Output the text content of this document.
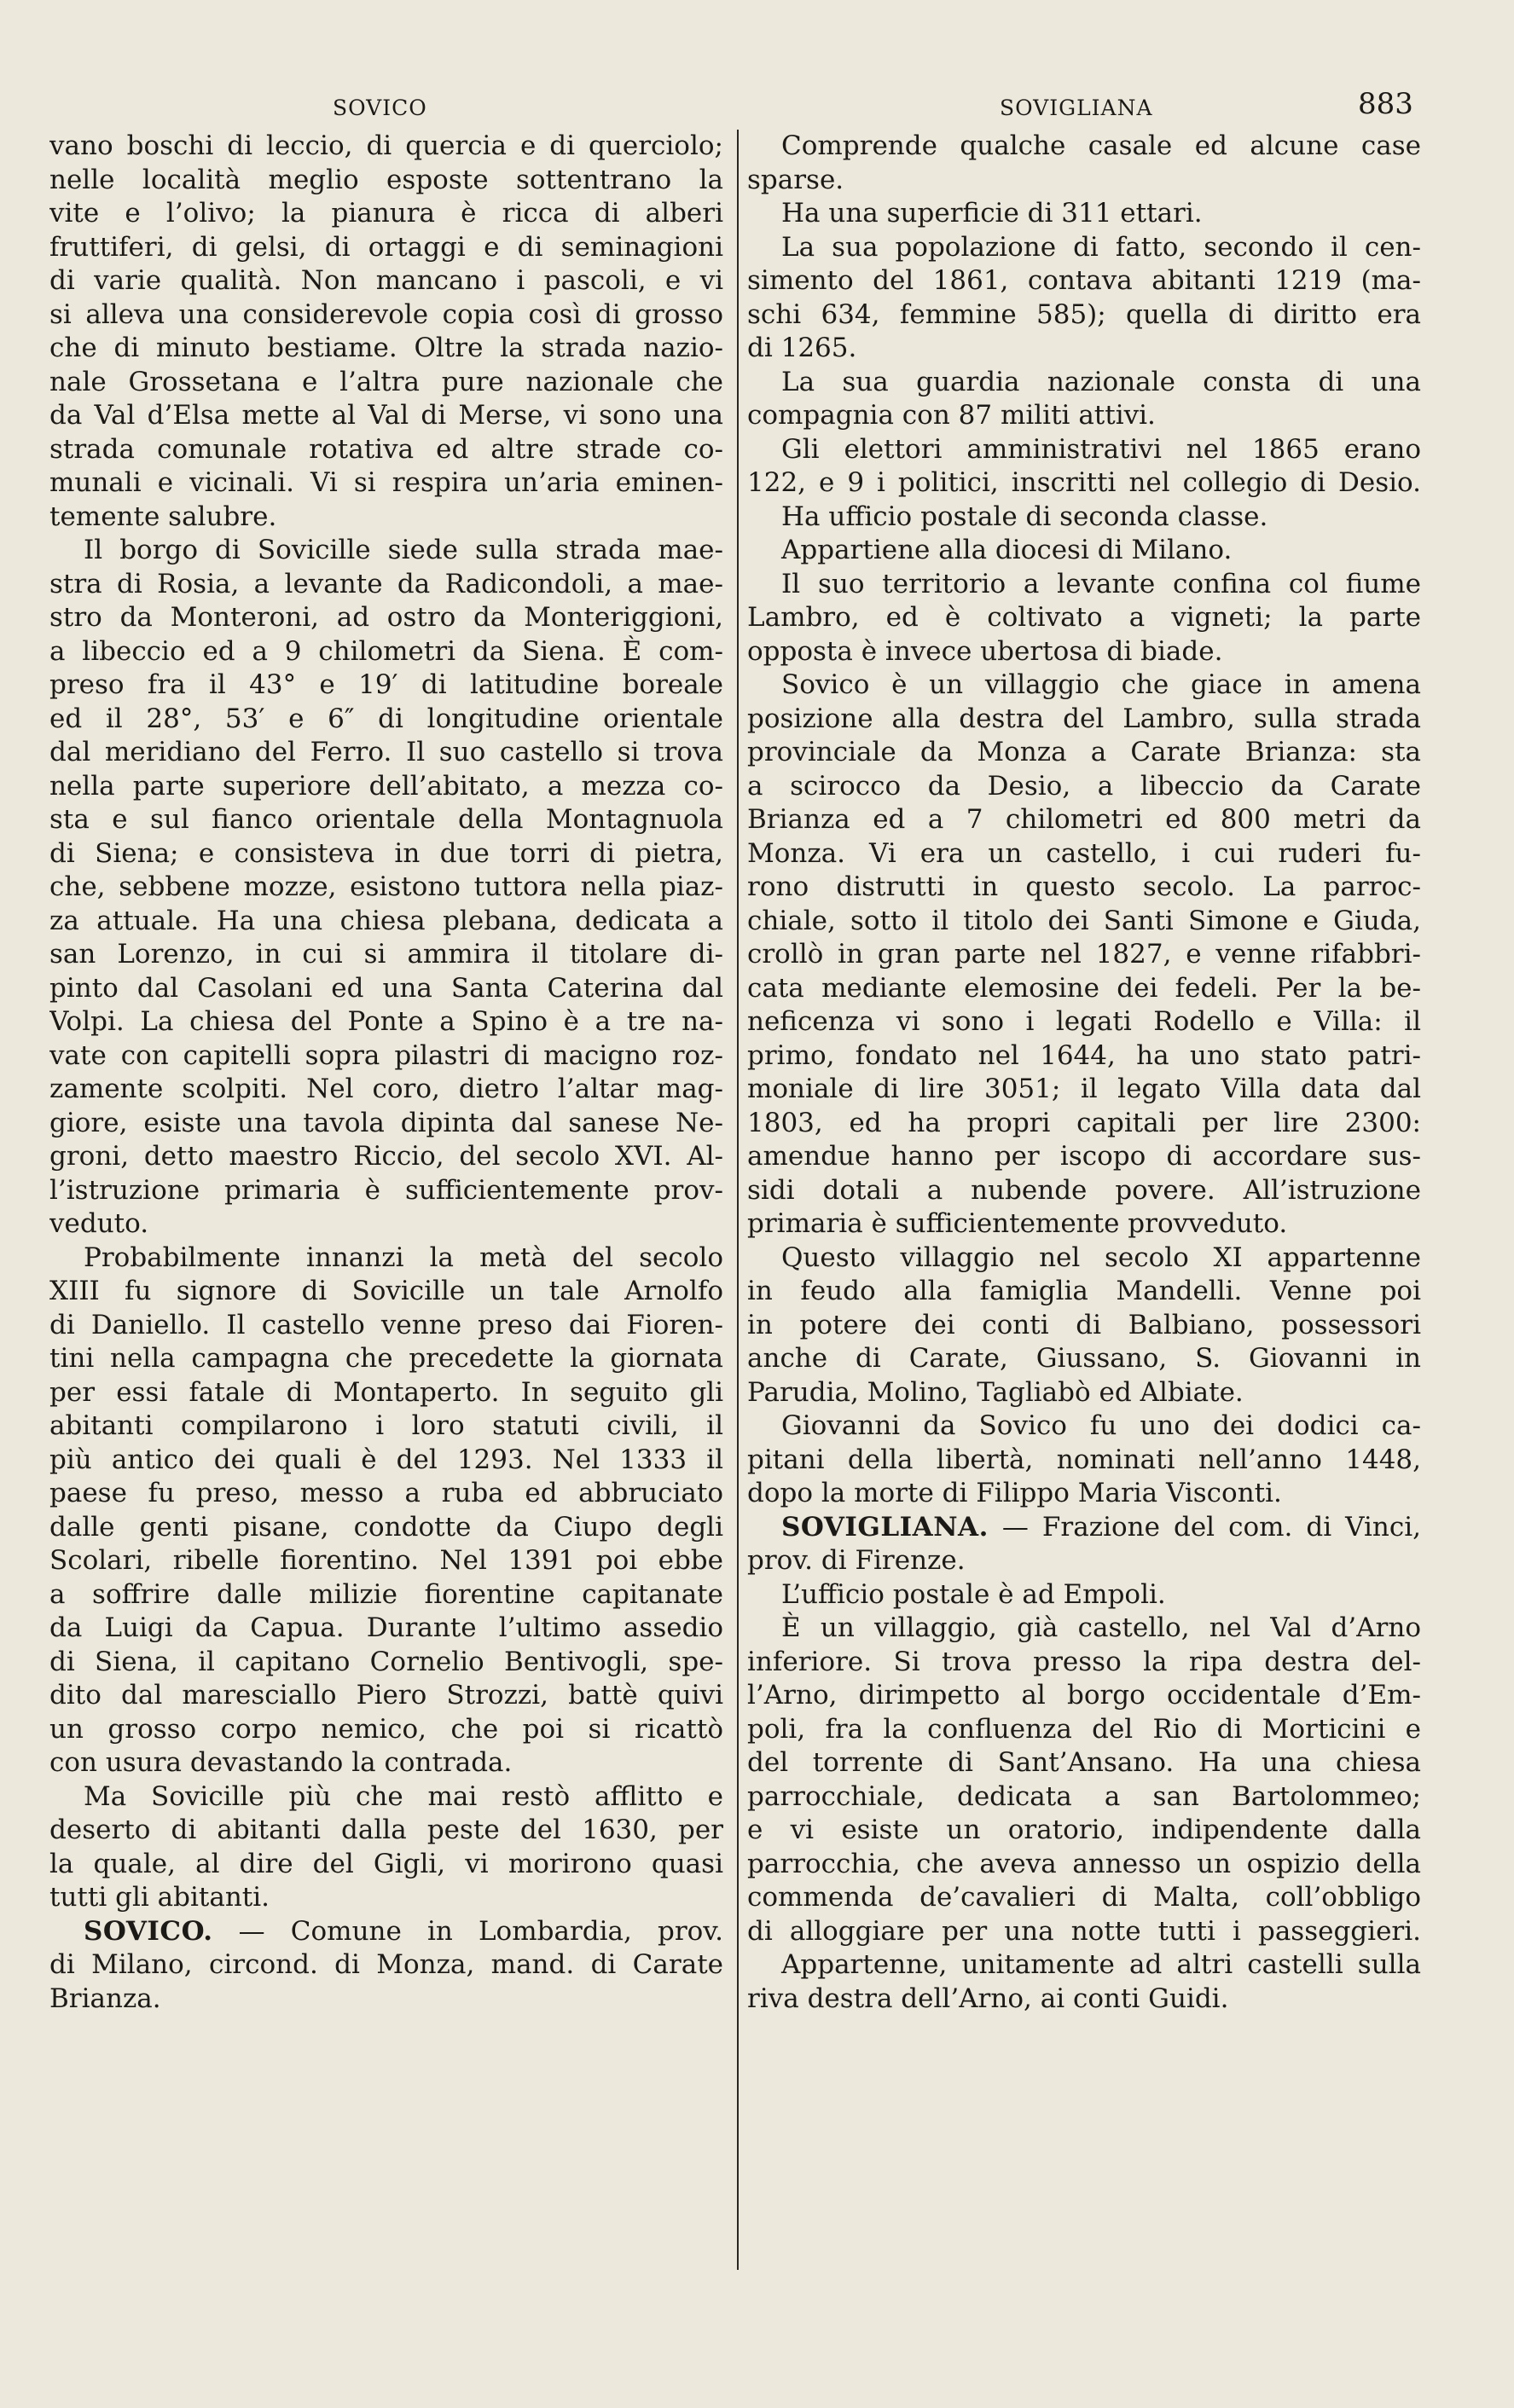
SOVICO	SOVIGLIANA	883
vano boschi di leccio, di quercia e di querciolo;
nelle località meglio esposte sottentrano la
vite e l’olivo; la pianura è ricca di alberi
fruttiferi, di gelsi, di ortaggi e di seminagioni
di varie qualità. Non mancano i pascoli, e vi
si alleva una considerevole copia così di grosso
che di minuto bestiame. Oltre la strada nazio-
nale Grossetana e l’altra pure nazionale che
da Val d’Elsa mette al Val di Merse, vi sono una
strada comunale rotativa ed altre strade co-
munali e vicinali. Vi si respira un’aria eminen-
temente salubre.
Il borgo di Sovicille siede sulla strada mae-
stra di Rosia, a levante da Radicondoli, a mae-
stro da Monteroni, ad ostro da Monteriggioni,
a libeccio ed a 9 chilometri da Siena. È com-
preso fra il 43° e 19′ di latitudine boreale
ed il 28°, 53′ e 6″ di longitudine orientale
dal meridiano del Ferro. Il suo castello si trova
nella parte superiore dell’abitato, a mezza co-
sta e sul fianco orientale della Montagnuola
di Siena; e consisteva in due torri di pietra,
che, sebbene mozze, esistono tuttora nella piaz-
za attuale. Ha una chiesa plebana, dedicata a
san Lorenzo, in cui si ammira il titolare di-
pinto dal Casolani ed una Santa Caterina dal
Volpi. La chiesa del Ponte a Spino è a tre na-
vate con capitelli sopra pilastri di macigno roz-
zamente scolpiti. Nel coro, dietro l’altar mag-
giore, esiste una tavola dipinta dal sanese Ne-
groni, detto maestro Riccio, del secolo XVI. Al-
l’istruzione primaria è sufficientemente prov-
veduto.
Probabilmente innanzi la metà del secolo
XIII fu signore di Sovicille un tale Arnolfo
di Daniello. Il castello venne preso dai Fioren-
tini nella campagna che precedette la giornata
per essi fatale di Montaperto. In seguito gli
abitanti compilarono i loro statuti civili, il
più antico dei quali è del 1293. Nel 1333 il
paese fu preso, messo a ruba ed abbruciato
dalle genti pisane, condotte da Ciupo degli
Scolari, ribelle fiorentino. Nel 1391 poi ebbe
a soffrire dalle milizie fiorentine capitanate
da Luigi da Capua. Durante l’ultimo assedio
di Siena, il capitano Cornelio Bentivogli, spe-
dito dal maresciallo Piero Strozzi, battè quivi
un grosso corpo nemico, che poi si ricattò
con usura devastando la contrada.
Ma Sovicille più che mai restò afflitto e
deserto di abitanti dalla peste del 1630, per
la quale, al dire del Gigli, vi morirono quasi
tutti gli abitanti.
SOVICO. — Comune in Lombardia, prov.
di Milano, circond. di Monza, mand. di Carate
Brianza.
Comprende qualche casale ed alcune case
sparse.
Ha una superficie di 311 ettari.
La sua popolazione di fatto, secondo il cen-
simento del 1861, contava abitanti 1219 (ma-
schi 634, femmine 585); quella di diritto era
di 1265.
La sua guardia nazionale consta di una
compagnia con 87 militi attivi.
Gli elettori amministrativi nel 1865 erano
122, e 9 i politici, inscritti nel collegio di Desio.
Ha ufficio postale di seconda classe.
Appartiene alla diocesi di Milano.
Il suo territorio a levante confina col fiume
Lambro, ed è coltivato a vigneti; la parte
opposta è invece ubertosa di biade.
Sovico è un villaggio che giace in amena
posizione alla destra del Lambro, sulla strada
provinciale da Monza a Carate Brianza: sta
a scirocco da Desio, a libeccio da Carate
Brianza ed a 7 chilometri ed 800 metri da
Monza. Vi era un castello, i cui ruderi fu-
rono distrutti in questo secolo. La parroc-
chiale, sotto il titolo dei Santi Simone e Giuda,
crollò in gran parte nel 1827, e venne rifabbri-
cata mediante elemosine dei fedeli. Per la be-
neficenza vi sono i legati Rodello e Villa: il
primo, fondato nel 1644, ha uno stato patri-
moniale di lire 3051; il legato Villa data dal
1803, ed ha propri capitali per lire 2300:
amendue hanno per iscopo di accordare sus-
sidi dotali a nubende povere. All’istruzione
primaria è sufficientemente provveduto.
Questo villaggio nel secolo XI appartenne
in feudo alla famiglia Mandelli. Venne poi
in potere dei conti di Balbiano, possessori
anche di Carate, Giussano, S. Giovanni in
Parudia, Molino, Tagliabò ed Albiate.
Giovanni da Sovico fu uno dei dodici ca-
pitani della libertà, nominati nell’anno 1448,
dopo la morte di Filippo Maria Visconti.
SOVIGLIANA. — Frazione del com. di Vinci,
prov. di Firenze.
L’ufficio postale è ad Empoli.
È un villaggio, già castello, nel Val d’Arno
inferiore. Si trova presso la ripa destra del-
l’Arno, dirimpetto al borgo occidentale d’Em-
poli, fra la confluenza del Rio di Morticini e
del torrente di Sant’Ansano. Ha una chiesa
parrocchiale, dedicata a san Bartolommeo;
e vi esiste un oratorio, indipendente dalla
parrocchia, che aveva annesso un ospizio della
commenda de’cavalieri di Malta, coll’obbligo
di alloggiare per una notte tutti i passeggieri.
Appartenne, unitamente ad altri castelli sulla
riva destra dell’Arno, ai conti Guidi.
